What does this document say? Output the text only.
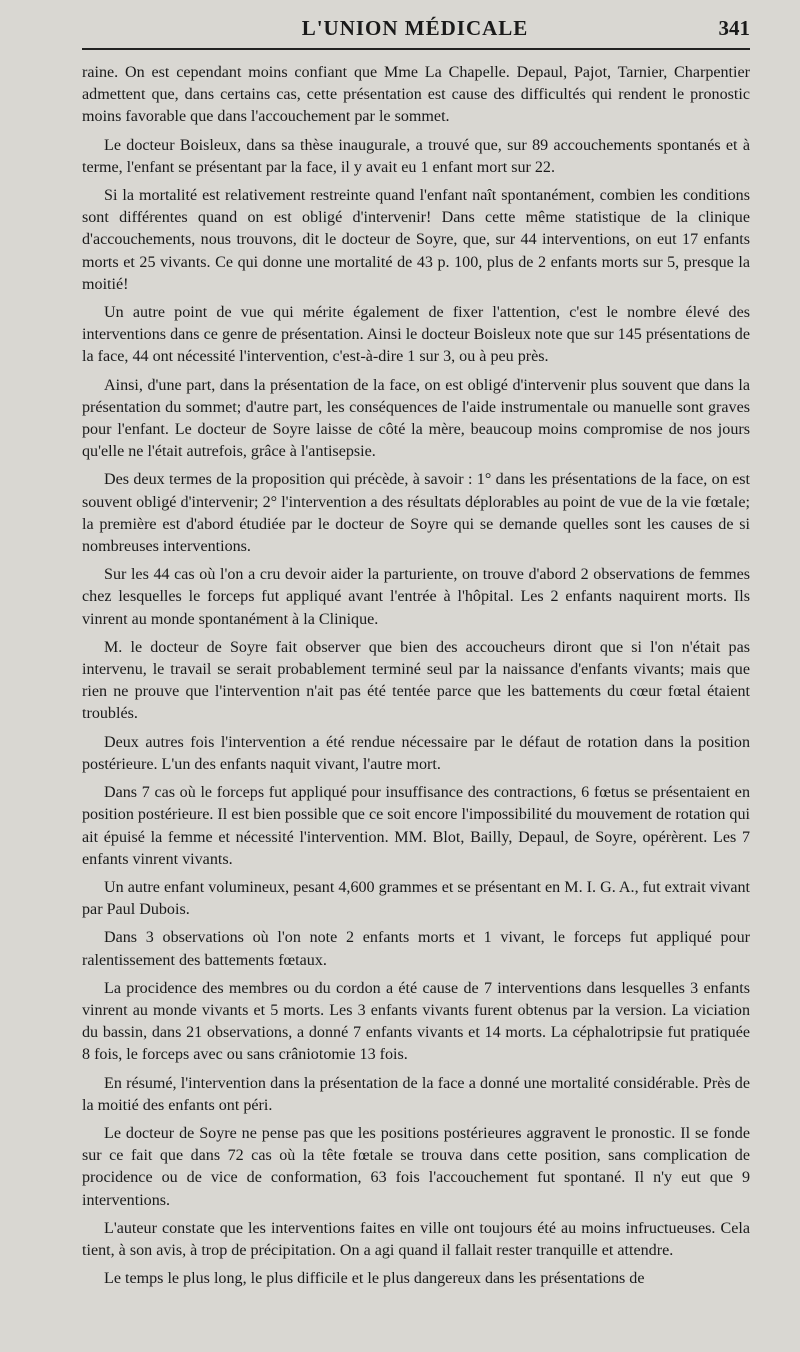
L'UNION MÉDICALE	341

raine. On est cependant moins confiant que Mme La Chapelle. Depaul, Pajot, Tarnier, Charpentier admettent que, dans certains cas, cette présentation est cause des difficultés qui rendent le pronostic moins favorable que dans l'accouchement par le sommet.

Le docteur Boisleux, dans sa thèse inaugurale, a trouvé que, sur 89 accouchements spontanés et à terme, l'enfant se présentant par la face, il y avait eu 1 enfant mort sur 22.

Si la mortalité est relativement restreinte quand l'enfant naît spontanément, combien les conditions sont différentes quand on est obligé d'intervenir! Dans cette même statistique de la clinique d'accouchements, nous trouvons, dit le docteur de Soyre, que, sur 44 interventions, on eut 17 enfants morts et 25 vivants. Ce qui donne une mortalité de 43 p. 100, plus de 2 enfants morts sur 5, presque la moitié!

Un autre point de vue qui mérite également de fixer l'attention, c'est le nombre élevé des interventions dans ce genre de présentation. Ainsi le docteur Boisleux note que sur 145 présentations de la face, 44 ont nécessité l'intervention, c'est-à-dire 1 sur 3, ou à peu près.

Ainsi, d'une part, dans la présentation de la face, on est obligé d'intervenir plus souvent que dans la présentation du sommet; d'autre part, les conséquences de l'aide instrumentale ou manuelle sont graves pour l'enfant. Le docteur de Soyre laisse de côté la mère, beaucoup moins compromise de nos jours qu'elle ne l'était autrefois, grâce à l'antisepsie.

Des deux termes de la proposition qui précède, à savoir : 1° dans les présentations de la face, on est souvent obligé d'intervenir; 2° l'intervention a des résultats déplorables au point de vue de la vie fœtale; la première est d'abord étudiée par le docteur de Soyre qui se demande quelles sont les causes de si nombreuses interventions.

Sur les 44 cas où l'on a cru devoir aider la parturiente, on trouve d'abord 2 observations de femmes chez lesquelles le forceps fut appliqué avant l'entrée à l'hôpital. Les 2 enfants naquirent morts. Ils vinrent au monde spontanément à la Clinique.

M. le docteur de Soyre fait observer que bien des accoucheurs diront que si l'on n'était pas intervenu, le travail se serait probablement terminé seul par la naissance d'enfants vivants; mais que rien ne prouve que l'intervention n'ait pas été tentée parce que les battements du cœur fœtal étaient troublés.

Deux autres fois l'intervention a été rendue nécessaire par le défaut de rotation dans la position postérieure. L'un des enfants naquit vivant, l'autre mort.

Dans 7 cas où le forceps fut appliqué pour insuffisance des contractions, 6 fœtus se présentaient en position postérieure. Il est bien possible que ce soit encore l'impossibilité du mouvement de rotation qui ait épuisé la femme et nécessité l'intervention. MM. Blot, Bailly, Depaul, de Soyre, opérèrent. Les 7 enfants vinrent vivants.

Un autre enfant volumineux, pesant 4,600 grammes et se présentant en M. I. G. A., fut extrait vivant par Paul Dubois.

Dans 3 observations où l'on note 2 enfants morts et 1 vivant, le forceps fut appliqué pour ralentissement des battements fœtaux.

La procidence des membres ou du cordon a été cause de 7 interventions dans lesquelles 3 enfants vinrent au monde vivants et 5 morts. Les 3 enfants vivants furent obtenus par la version. La viciation du bassin, dans 21 observations, a donné 7 enfants vivants et 14 morts. La céphalotripsie fut pratiquée 8 fois, le forceps avec ou sans crâniotomie 13 fois.

En résumé, l'intervention dans la présentation de la face a donné une mortalité considérable. Près de la moitié des enfants ont péri.

Le docteur de Soyre ne pense pas que les positions postérieures aggravent le pronostic. Il se fonde sur ce fait que dans 72 cas où la tête fœtale se trouva dans cette position, sans complication de procidence ou de vice de conformation, 63 fois l'accouchement fut spontané. Il n'y eut que 9 interventions.

L'auteur constate que les interventions faites en ville ont toujours été au moins infructueuses. Cela tient, à son avis, à trop de précipitation. On a agi quand il fallait rester tranquille et attendre.

Le temps le plus long, le plus difficile et le plus dangereux dans les présentations de
